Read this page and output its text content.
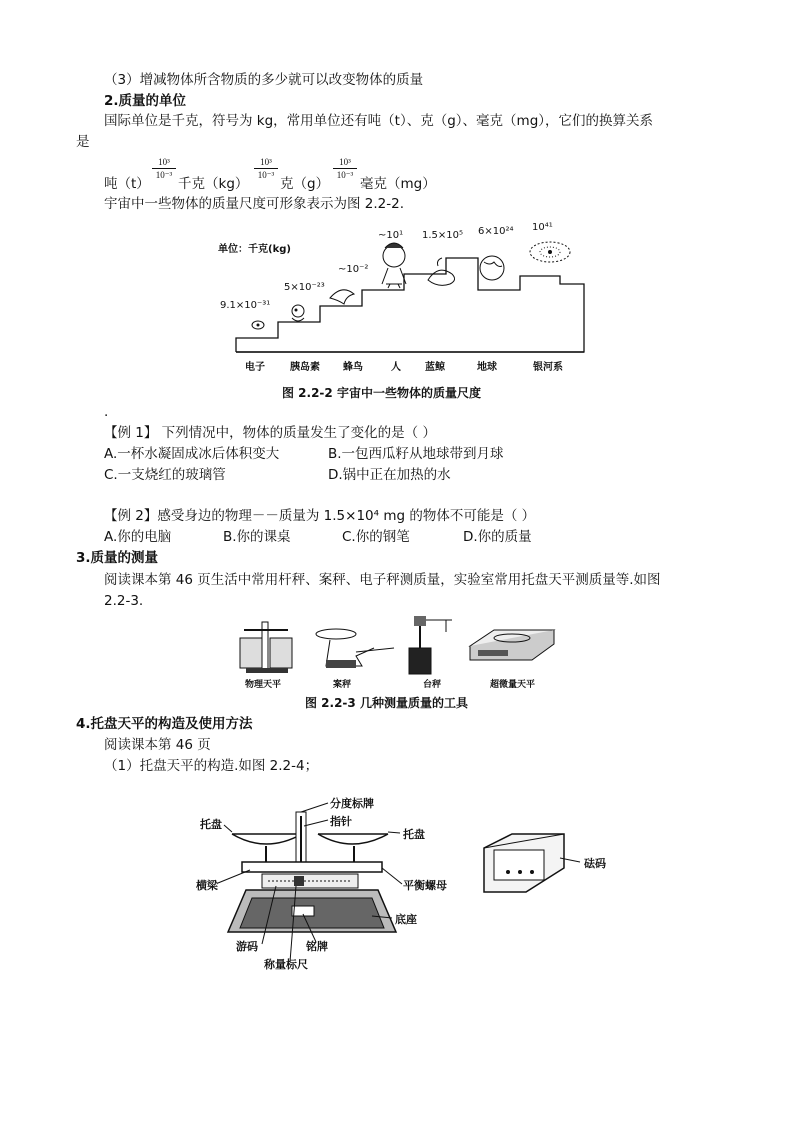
（3）增减物体所含物质的多少就可以改变物体的质量
2.质量的单位
国际单位是千克，符号为 kg，常用单位还有吨（t）、克（g）、毫克（mg），它们的换算关系
是
吨（t）
10³
10⁻³
千克（kg）
10³
10⁻³
克（g）
10³
10⁻³
毫克（mg）
宇宙中一些物体的质量尺度可形象表示为图 2.2-2.
单位：千克(kg)
9.1×10⁻³¹
5×10⁻²³
~10⁻²
~10¹ 1.5×10⁵ 6×10²⁴ 10⁴¹
电子	胰岛素 蜂鸟	人 蓝鲸	地球	银河系
图 2.2-2 宇宙中一些物体的质量尺度
.
【例 1】 下列情况中，物体的质量发生了变化的是（ ）
A.一杯水凝固成冰后体积变大	B.一包西瓜籽从地球带到月球
C.一支烧红的玻璃管	D.锅中正在加热的水
【例 2】感受身边的物理－－质量为 1.5×10⁴ mg 的物体不可能是（ ）
A.你的电脑	B.你的课桌	C.你的钢笔	D.你的质量
3.质量的测量
阅读课本第 46 页生活中常用杆秤、案秤、电子秤测质量，实验室常用托盘天平测质量等.如图
2.2-3.
物理天平	案秤	台秤	超微量天平
图 2.2-3 几种测量质量的工具
4.托盘天平的构造及使用方法
阅读课本第 46 页
（1）托盘天平的构造.如图 2.2-4；
分度标牌
指针
托盘
托盘
横梁	平衡螺母
底座
游码	铭牌
称量标尺
砝码
